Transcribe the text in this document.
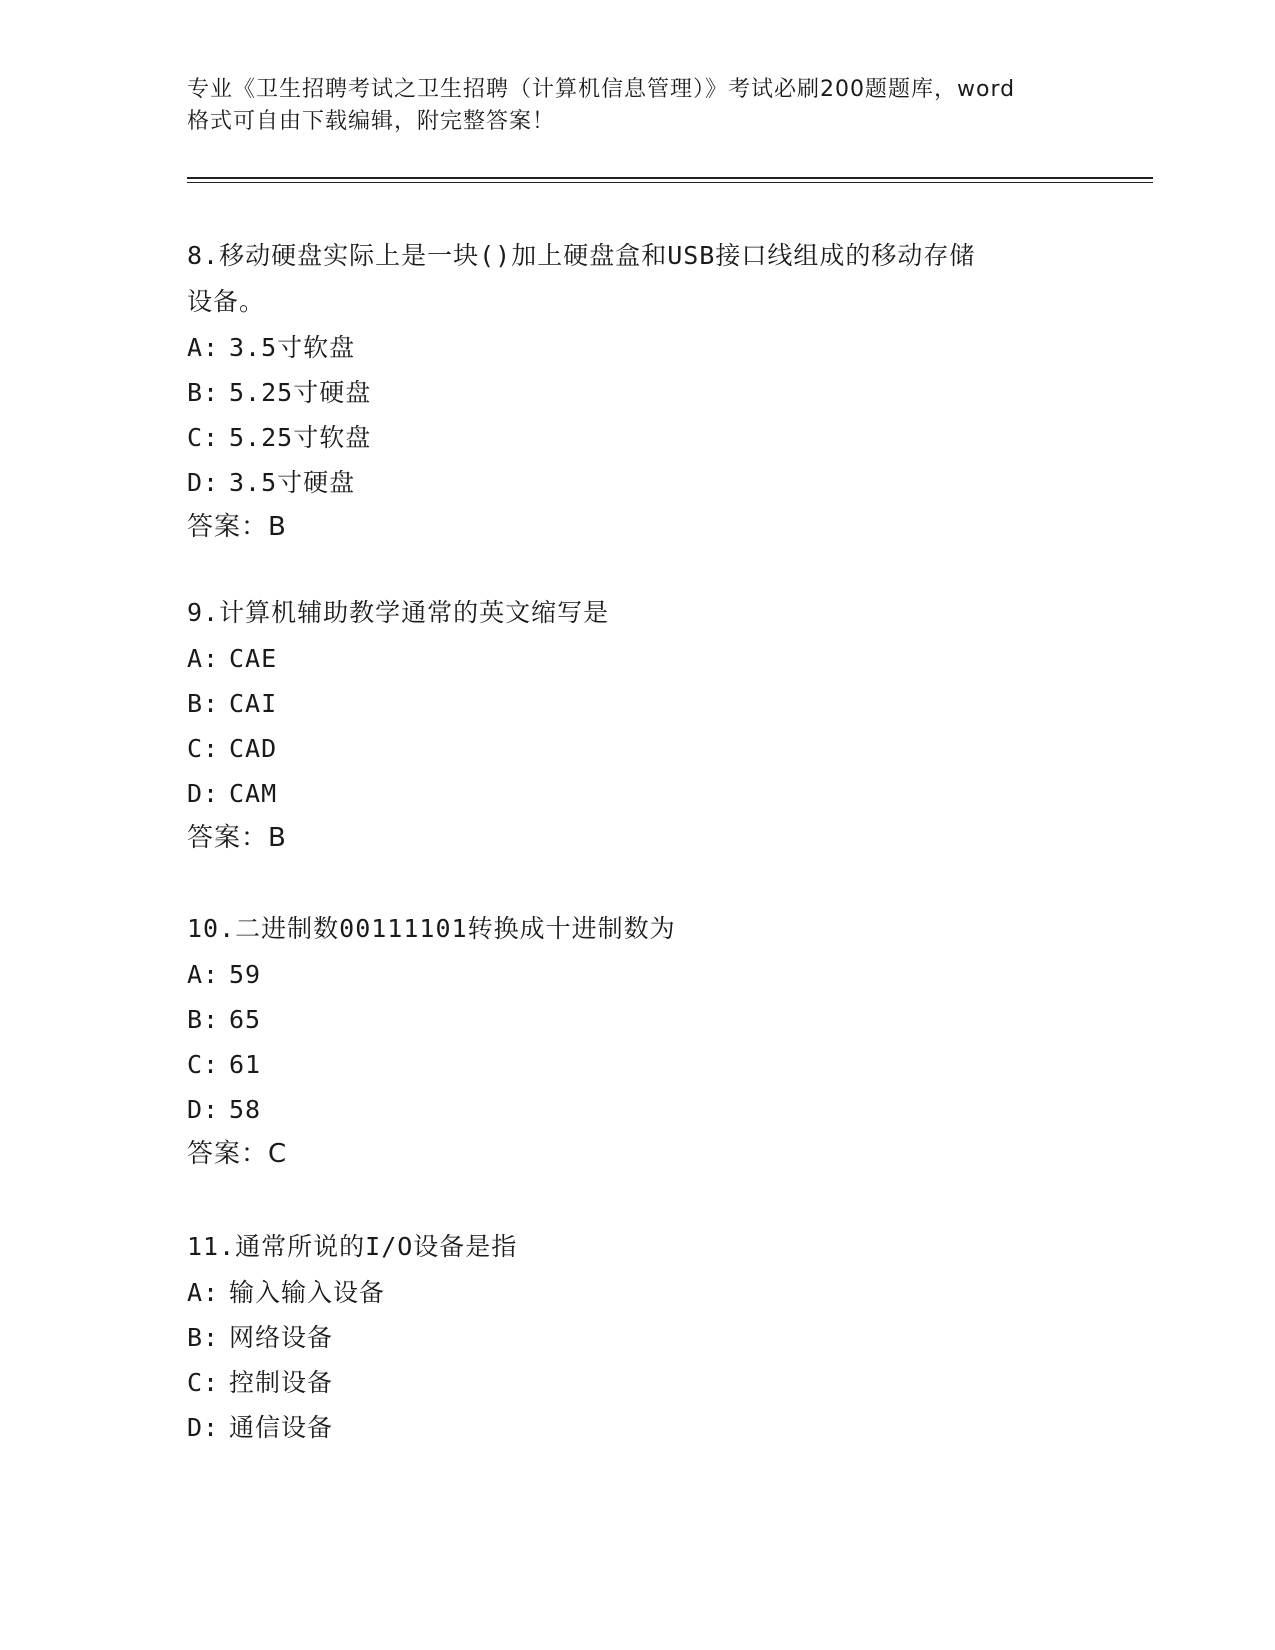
专业《卫生招聘考试之卫生招聘（计算机信息管理）》考试必刷200题题库，word
格式可自由下载编辑，附完整答案！
8.移动硬盘实际上是一块()加上硬盘盒和USB接口线组成的移动存储
设备。
A: 3.5寸软盘
B: 5.25寸硬盘
C: 5.25寸软盘
D: 3.5寸硬盘
答案：B
9.计算机辅助教学通常的英文缩写是
A: CAE
B: CAI
C: CAD
D: CAM
答案：B
10.二进制数00111101转换成十进制数为
A: 59
B: 65
C: 61
D: 58
答案：C
11.通常所说的I/O设备是指
A: 输入输入设备
B: 网络设备
C: 控制设备
D: 通信设备
